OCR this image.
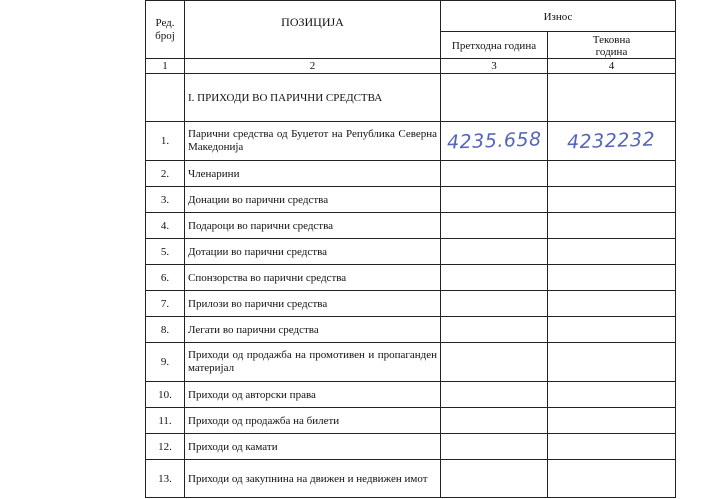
Ред.
број	ПОЗИЦИЈА	Износ	
		Претходна година	Тековна
година
1	2	3	4
	I. ПРИХОДИ ВО ПАРИЧНИ СРЕДСТВА		
1.	Парични средства од Буџетот на Република Северна Македонија	4235.658	4232232
2.	Членарини		
3.	Донации во парични средства		
4.	Подароци во парични средства		
5.	Дотации во парични средства		
6.	Спонзорства во парични средства		
7.	Прилози во парични средства		
8.	Легати во парични средства		
9.	Приходи од продажба на промотивен и пропаганден материјал		
10.	Приходи од авторски права		
11.	Приходи од продажба на билети		
12.	Приходи од камати		
13.	Приходи од закупнина на движен и недвижен имот		
